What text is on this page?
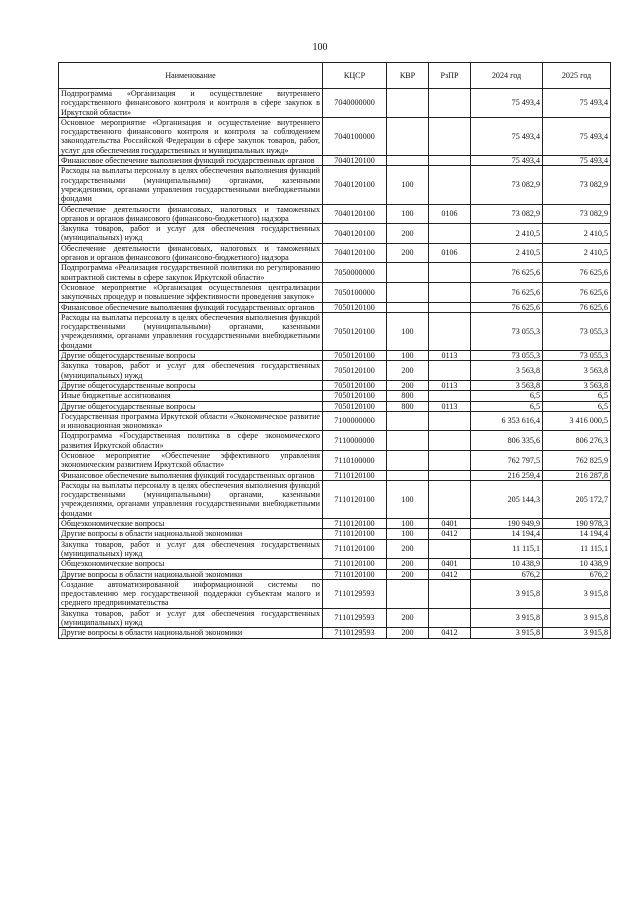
100
Наименование	КЦСР	КВР	РзПР	2024 год	2025 год
Подпрограмма «Организация и осуществление внутреннего государственного финансового контроля и контроля в сфере закупок в Иркутской области»	7040000000			75 493,4	75 493,4
Основное мероприятие «Организация и осуществление внутреннего государственного финансового контроля и контроля за соблюдением законодательства Российской Федерации в сфере закупок товаров, работ, услуг для обеспечения государственных и муниципальных нужд»	7040100000			75 493,4	75 493,4
Финансовое обеспечение выполнения функций государственных органов	7040120100			75 493,4	75 493,4
Расходы на выплаты персоналу в целях обеспечения выполнения функций государственными (муниципальными) органами, казенными учреждениями, органами управления государственными внебюджетными фондами	7040120100	100		73 082,9	73 082,9
Обеспечение деятельности финансовых, налоговых и таможенных органов и органов финансового (финансово-бюджетного) надзора	7040120100	100	0106	73 082,9	73 082,9
Закупка товаров, работ и услуг для обеспечения государственных (муниципальных) нужд	7040120100	200		2 410,5	2 410,5
Обеспечение деятельности финансовых, налоговых и таможенных органов и органов финансового (финансово-бюджетного) надзора	7040120100	200	0106	2 410,5	2 410,5
Подпрограмма «Реализация государственной политики по регулированию контрактной системы в сфере закупок Иркутской области»	7050000000			76 625,6	76 625,6
Основное мероприятие «Организация осуществления централизации закупочных процедур и повышение эффективности проведения закупок»	7050100000			76 625,6	76 625,6
Финансовое обеспечение выполнения функций государственных органов	7050120100			76 625,6	76 625,6
Расходы на выплаты персоналу в целях обеспечения выполнения функций государственными (муниципальными) органами, казенными учреждениями, органами управления государственными внебюджетными фондами	7050120100	100		73 055,3	73 055,3
Другие общегосударственные вопросы	7050120100	100	0113	73 055,3	73 055,3
Закупка товаров, работ и услуг для обеспечения государственных (муниципальных) нужд	7050120100	200		3 563,8	3 563,8
Другие общегосударственные вопросы	7050120100	200	0113	3 563,8	3 563,8
Иные бюджетные ассигнования	7050120100	800		6,5	6,5
Другие общегосударственные вопросы	7050120100	800	0113	6,5	6,5
Государственная программа Иркутской области «Экономическое развитие и инновационная экономика»	7100000000			6 353 616,4	3 416 000,5
Подпрограмма «Государственная политика в сфере экономического развития Иркутской области»	7110000000			806 335,6	806 276,3
Основное мероприятие «Обеспечение эффективного управления экономическим развитием Иркутской области»	7110100000			762 797,5	762 825,9
Финансовое обеспечение выполнения функций государственных органов	7110120100			216 259,4	216 287,8
Расходы на выплаты персоналу в целях обеспечения выполнения функций государственными (муниципальными) органами, казенными учреждениями, органами управления государственными внебюджетными фондами	7110120100	100		205 144,3	205 172,7
Общеэкономические вопросы	7110120100	100	0401	190 949,9	190 978,3
Другие вопросы в области национальной экономики	7110120100	100	0412	14 194,4	14 194,4
Закупка товаров, работ и услуг для обеспечения государственных (муниципальных) нужд	7110120100	200		11 115,1	11 115,1
Общеэкономические вопросы	7110120100	200	0401	10 438,9	10 438,9
Другие вопросы в области национальной экономики	7110120100	200	0412	676,2	676,2
Создание автоматизированной информационной системы по предоставлению мер государственной поддержки субъектам малого и среднего предпринимательства	7110129593			3 915,8	3 915,8
Закупка товаров, работ и услуг для обеспечения государственных (муниципальных) нужд	7110129593	200		3 915,8	3 915,8
Другие вопросы в области национальной экономики	7110129593	200	0412	3 915,8	3 915,8
